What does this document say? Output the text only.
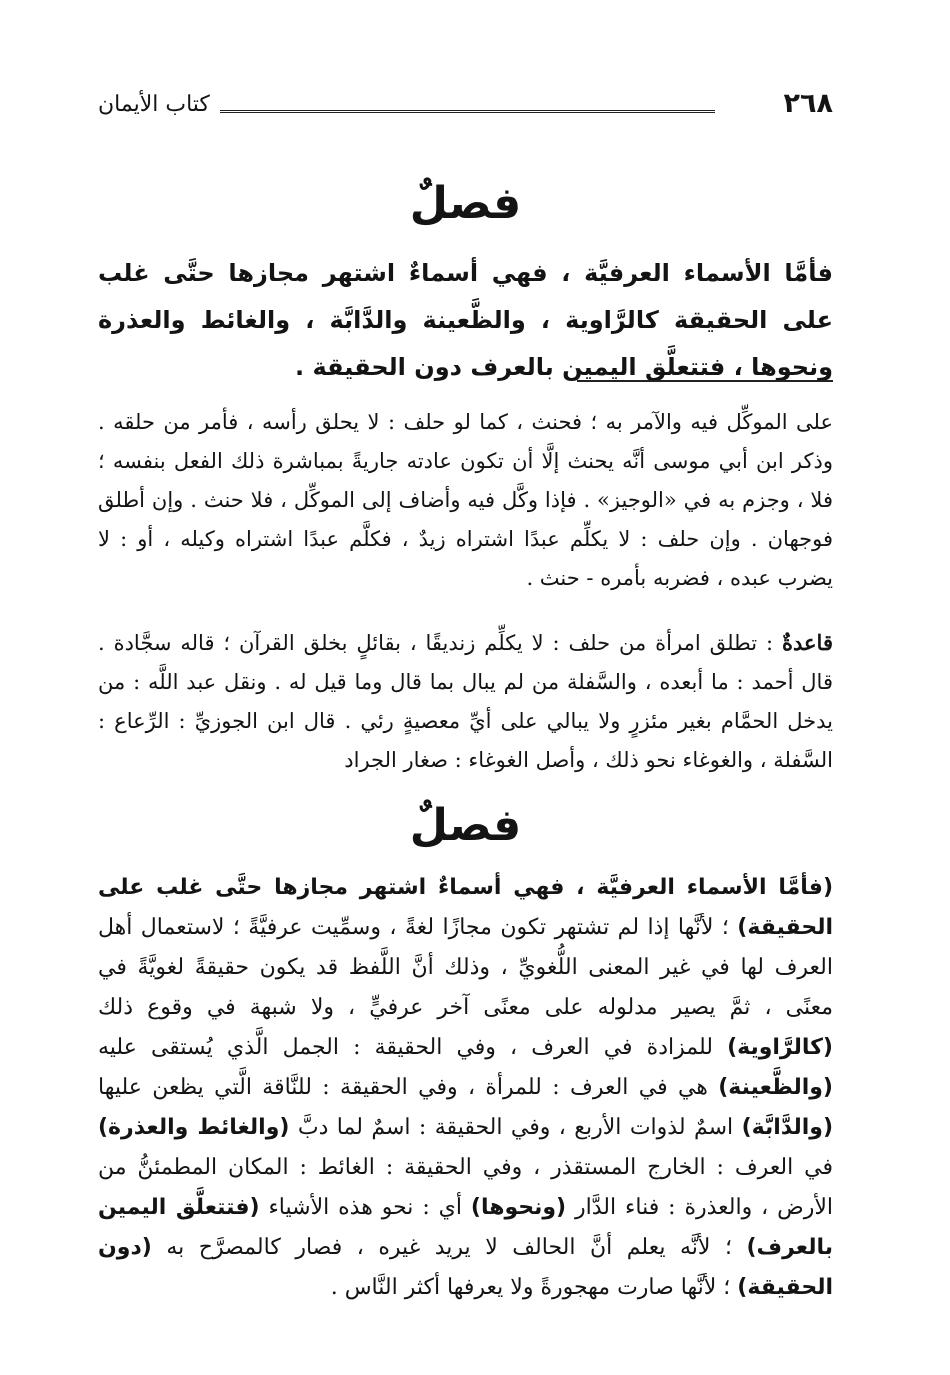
٢٦٨
كتاب الأيمان
فصلٌ
فأمَّا الأسماء العرفيَّة ، فهي أسماءٌ اشتهر مجازها حتَّى غلب على الحقيقة كالرَّاوية ، والظَّعينة والدَّابَّة ، والغائط والعذرة ونحوها ، فتتعلَّق اليمين بالعرف دون الحقيقة .
على الموكِّل فيه والآمر به ؛ فحنث ، كما لو حلف : لا يحلق رأسه ، فأمر من حلقه . وذكر ابن أبي موسى أنَّه يحنث إلَّا أن تكون عادته جاريةً بمباشرة ذلك الفعل بنفسه ؛ فلا ، وجزم به في «الوجيز» . فإذا وكَّل فيه وأضاف إلى الموكِّل ، فلا حنث . وإن أطلق فوجهان . وإن حلف : لا يكلِّم عبدًا اشتراه زيدٌ ، فكلَّم عبدًا اشتراه وكيله ، أو : لا يضرب عبده ، فضربه بأمره - حنث .
قاعدةٌ : تطلق امرأة من حلف : لا يكلِّم زنديقًا ، بقائلٍ بخلق القرآن ؛ قاله سجَّادة . قال أحمد : ما أبعده ، والسَّفلة من لم يبال بما قال وما قيل له . ونقل عبد اللَّه : من يدخل الحمَّام بغير مئزرٍ ولا يبالي على أيِّ معصيةٍ رئي . قال ابن الجوزيِّ : الرِّعاع : السَّفلة ، والغوغاء نحو ذلك ، وأصل الغوغاء : صغار الجراد
فصلٌ
(فأمَّا الأسماء العرفيَّة ، فهي أسماءٌ اشتهر مجازها حتَّى غلب على الحقيقة) ؛ لأنَّها إذا لم تشتهر تكون مجازًا لغةً ، وسمِّيت عرفيَّةً ؛ لاستعمال أهل العرف لها في غير المعنى اللُّغويِّ ، وذلك أنَّ اللَّفظ قد يكون حقيقةً لغويَّةً في معنًى ، ثمَّ يصير مدلوله على معنًى آخر عرفيٍّ ، ولا شبهة في وقوع ذلك (كالرَّاوية) للمزادة في العرف ، وفي الحقيقة : الجمل الَّذي يُستقى عليه (والظَّعينة) هي في العرف : للمرأة ، وفي الحقيقة : للنَّاقة الَّتي يظعن عليها (والدَّابَّة) اسمٌ لذوات الأربع ، وفي الحقيقة : اسمٌ لما دبَّ (والغائط والعذرة) في العرف : الخارج المستقذر ، وفي الحقيقة : الغائط : المكان المطمئنُّ من الأرض ، والعذرة : فناء الدَّار (ونحوها) أي : نحو هذه الأشياء (فتتعلَّق اليمين بالعرف) ؛ لأنَّه يعلم أنَّ الحالف لا يريد غيره ، فصار كالمصرَّح به (دون الحقيقة) ؛ لأنَّها صارت مهجورةً ولا يعرفها أكثر النَّاس .
